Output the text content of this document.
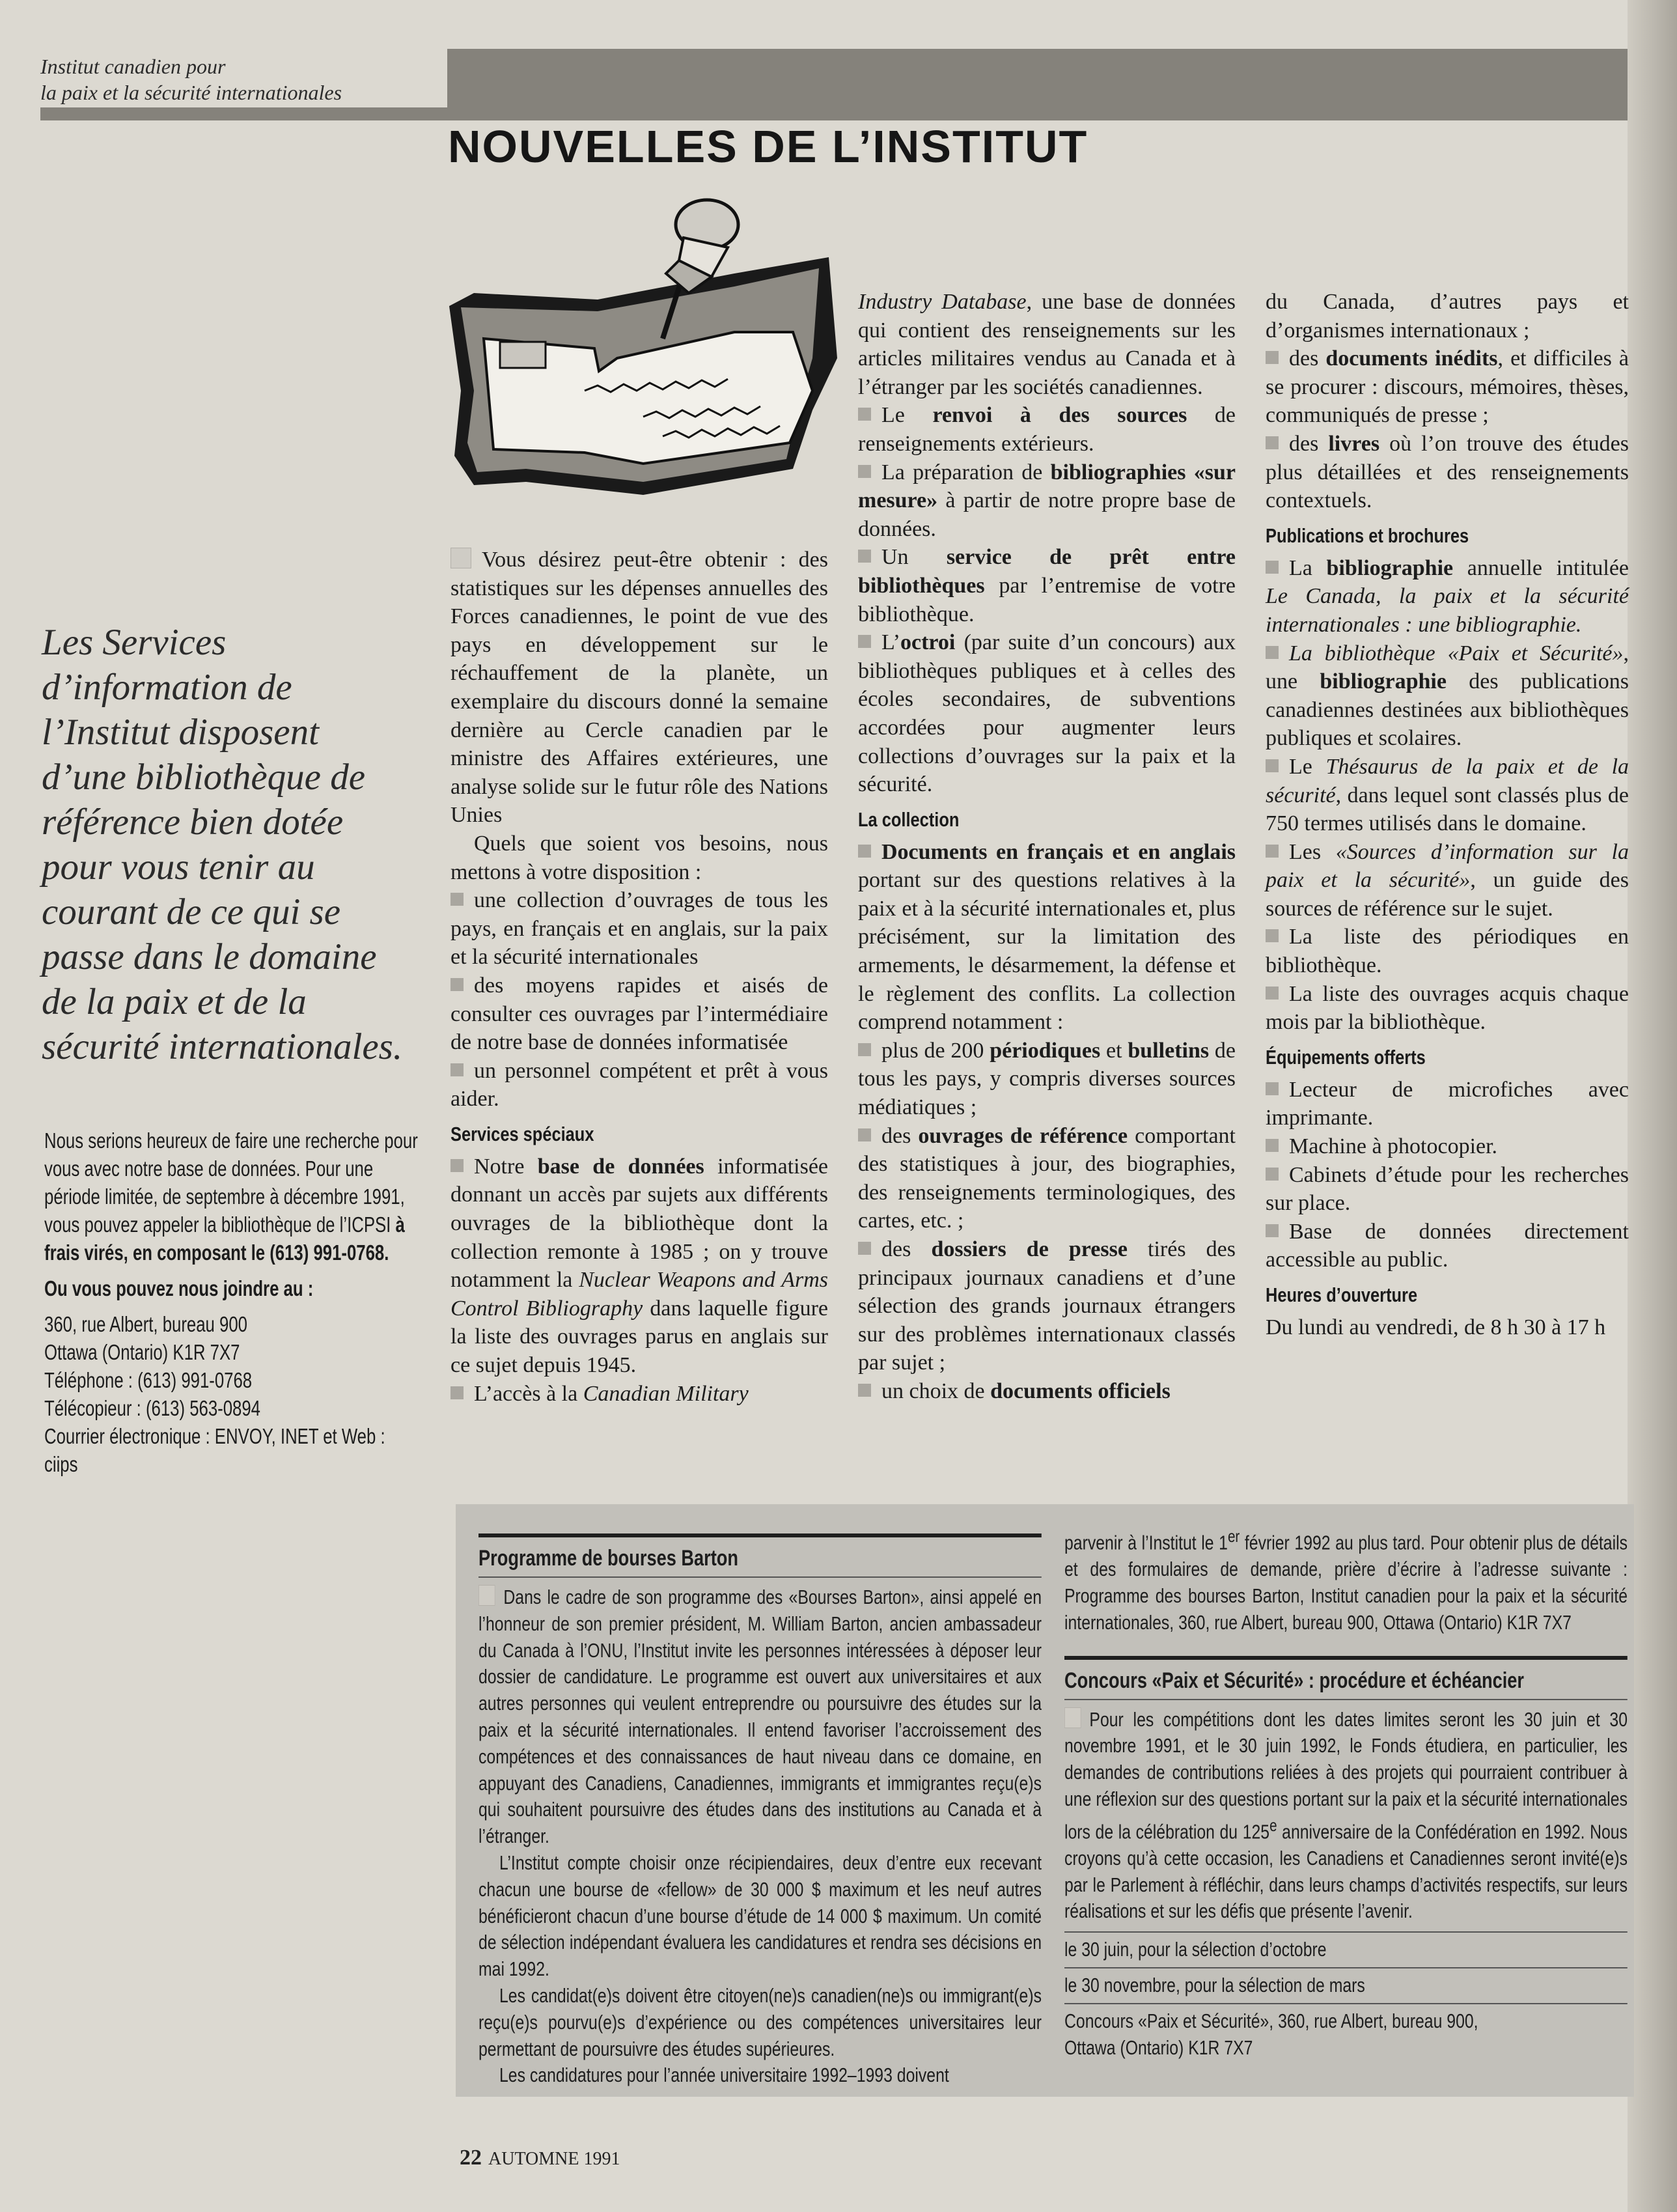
Institut canadien pour
la paix et la sécurité internationales
NOUVELLES DE L’INSTITUT
Les Services d’information de l’Institut disposent d’une bibliothèque de référence bien dotée pour vous tenir au courant de ce qui se passe dans le domaine de la paix et de la sécurité internationales.

Nous serions heureux de faire une recherche pour vous avec notre base de données. Pour une période limitée, de septembre à décembre 1991, vous pouvez appeler la bibliothèque de l’ICPSI à frais virés, en composant le (613) 991-0768.

Ou vous pouvez nous joindre au :

360, rue Albert, bureau 900
Ottawa (Ontario) K1R 7X7
Téléphone : (613) 991-0768
Télécopieur : (613) 563-0894
Courrier électronique : ENVOY, INET et Web : ciips

Vous désirez peut-être obtenir : des statistiques sur les dépenses annuelles des Forces canadiennes, le point de vue des pays en développement sur le réchauffement de la planète, un exemplaire du discours donné la semaine dernière au Cercle canadien par le ministre des Affaires extérieures, une analyse solide sur le futur rôle des Nations Unies

Quels que soient vos besoins, nous mettons à votre disposition :

une collection d’ouvrages de tous les pays, en français et en anglais, sur la paix et la sécurité internationales

des moyens rapides et aisés de consulter ces ouvrages par l’intermédiaire de notre base de données informatisée

un personnel compétent et prêt à vous aider.

Services spéciaux

Notre base de données informatisée donnant un accès par sujets aux différents ouvrages de la bibliothèque dont la collection remonte à 1985 ; on y trouve notamment la Nuclear Weapons and Arms Control Bibliography dans laquelle figure la liste des ouvrages parus en anglais sur ce sujet depuis 1945.

L’accès à la Canadian Military

Industry Database, une base de données qui contient des renseignements sur les articles militaires vendus au Canada et à l’étranger par les sociétés canadiennes.

Le renvoi à des sources de renseignements extérieurs.

La préparation de bibliographies «sur mesure» à partir de notre propre base de données.

Un service de prêt entre bibliothèques par l’entremise de votre bibliothèque.

L’octroi (par suite d’un concours) aux bibliothèques publiques et à celles des écoles secondaires, de subventions accordées pour augmenter leurs collections d’ouvrages sur la paix et la sécurité.

La collection

Documents en français et en anglais portant sur des questions relatives à la paix et à la sécurité internationales et, plus précisément, sur la limitation des armements, le désarmement, la défense et le règlement des conflits. La collection comprend notamment :

plus de 200 périodiques et bulletins de tous les pays, y compris diverses sources médiatiques ;

des ouvrages de référence comportant des statistiques à jour, des biographies, des renseignements terminologiques, des cartes, etc. ;

des dossiers de presse tirés des principaux journaux canadiens et d’une sélection des grands journaux étrangers sur des problèmes internationaux classés par sujet ;

un choix de documents officiels

du Canada, d’autres pays et d’organismes internationaux ;

des documents inédits, et difficiles à se procurer : discours, mémoires, thèses, communiqués de presse ;

des livres où l’on trouve des études plus détaillées et des renseignements contextuels.

Publications et brochures

La bibliographie annuelle intitulée Le Canada, la paix et la sécurité internationales : une bibliographie.

La bibliothèque «Paix et Sécurité», une bibliographie des publications canadiennes destinées aux bibliothèques publiques et scolaires.

Le Thésaurus de la paix et de la sécurité, dans lequel sont classés plus de 750 termes utilisés dans le domaine.

Les «Sources d’information sur la paix et la sécurité», un guide des sources de référence sur le sujet.

La liste des périodiques en bibliothèque.

La liste des ouvrages acquis chaque mois par la bibliothèque.

Équipements offerts

Lecteur de microfiches avec imprimante.

Machine à photocopier.

Cabinets d’étude pour les recherches sur place.

Base de données directement accessible au public.

Heures d’ouverture

Du lundi au vendredi, de 8 h 30 à 17 h

Programme de bourses Barton

Dans le cadre de son programme des «Bourses Barton», ainsi appelé en l’honneur de son premier président, M. William Barton, ancien ambassadeur du Canada à l’ONU, l’Institut invite les personnes intéressées à déposer leur dossier de candidature. Le programme est ouvert aux universitaires et aux autres personnes qui veulent entreprendre ou poursuivre des études sur la paix et la sécurité internationales. Il entend favoriser l’accroissement des compétences et des connaissances de haut niveau dans ce domaine, en appuyant des Canadiens, Canadiennes, immigrants et immigrantes reçu(e)s qui souhaitent poursuivre des études dans des institutions au Canada et à l’étranger.

L’Institut compte choisir onze récipiendaires, deux d’entre eux recevant chacun une bourse de «fellow» de 30 000 $ maximum et les neuf autres bénéficieront chacun d’une bourse d’étude de 14 000 $ maximum. Un comité de sélection indépendant évaluera les candidatures et rendra ses décisions en mai 1992.

Les candidat(e)s doivent être citoyen(ne)s canadien(ne)s ou immigrant(e)s reçu(e)s pourvu(e)s d’expérience ou des compétences universitaires leur permettant de poursuivre des études supérieures.

Les candidatures pour l’année universitaire 1992–1993 doivent

parvenir à l’Institut le 1er février 1992 au plus tard. Pour obtenir plus de détails et des formulaires de demande, prière d’écrire à l’adresse suivante : Programme des bourses Barton, Institut canadien pour la paix et la sécurité internationales, 360, rue Albert, bureau 900, Ottawa (Ontario) K1R 7X7

Concours «Paix et Sécurité» : procédure et échéancier

Pour les compétitions dont les dates limites seront les 30 juin et 30 novembre 1991, et le 30 juin 1992, le Fonds étudiera, en particulier, les demandes de contributions reliées à des projets qui pourraient contribuer à une réflexion sur des questions portant sur la paix et la sécurité internationales lors de la célébration du 125e anniversaire de la Confédération en 1992. Nous croyons qu’à cette occasion, les Canadiens et Canadiennes seront invité(e)s par le Parlement à réfléchir, dans leurs champs d’activités respectifs, sur leurs réalisations et sur les défis que présente l’avenir.

le 30 juin, pour la sélection d’octobre
le 30 novembre, pour la sélection de mars
Concours «Paix et Sécurité», 360, rue Albert, bureau 900,
Ottawa (Ontario) K1R 7X7
22 AUTOMNE 1991
